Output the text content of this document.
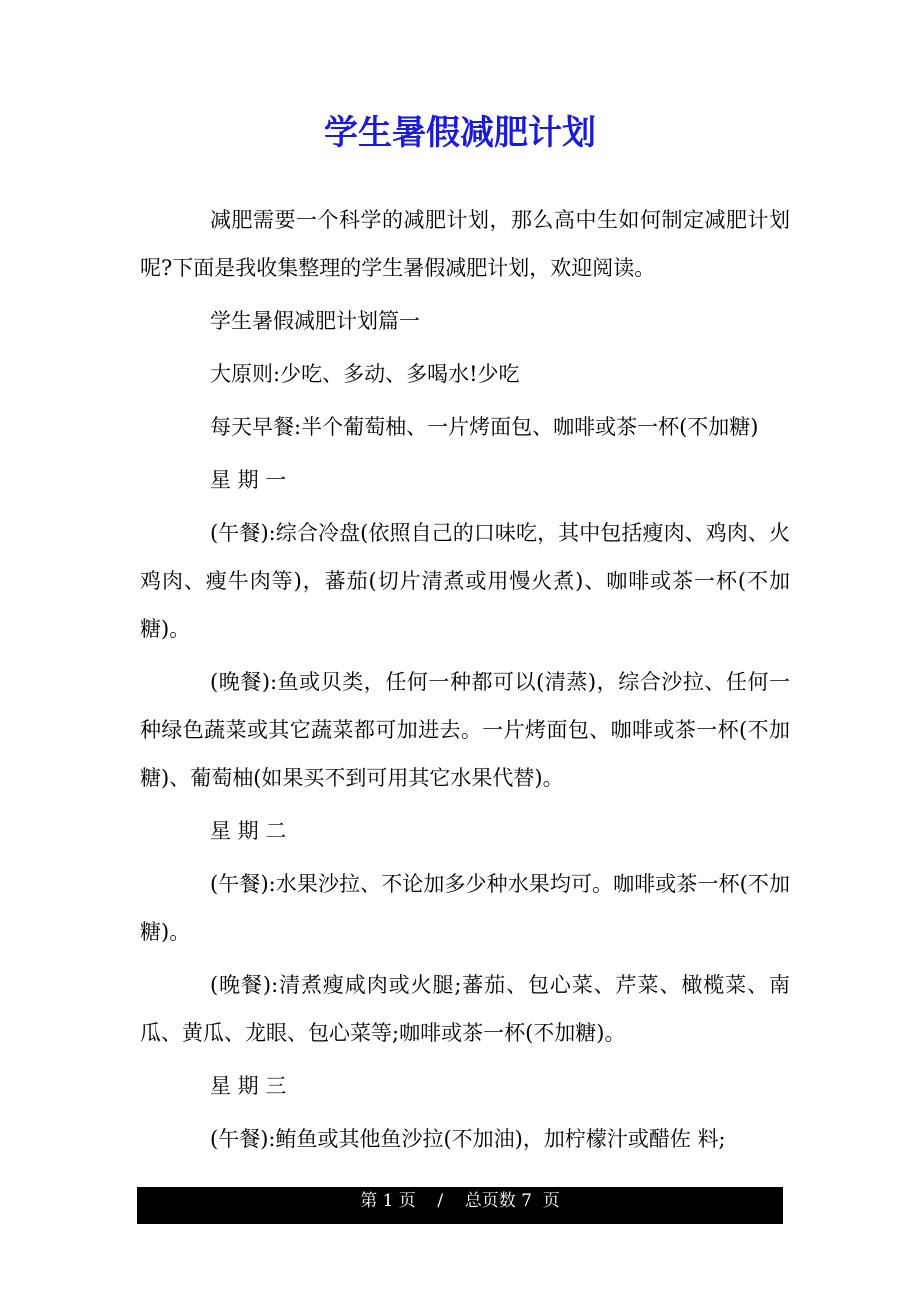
学生暑假减肥计划

减肥需要一个科学的减肥计划，那么高中生如何制定减肥计划呢?下面是我收集整理的学生暑假减肥计划，欢迎阅读。

学生暑假减肥计划篇一

大原则:少吃、多动、多喝水!少吃

每天早餐:半个葡萄柚、一片烤面包、咖啡或茶一杯(不加糖)

星 期 一

(午餐):综合冷盘(依照自己的口味吃，其中包括瘦肉、鸡肉、火鸡肉、瘦牛肉等)，蕃茄(切片清煮或用慢火煮)、咖啡或茶一杯(不加糖)。

(晚餐):鱼或贝类，任何一种都可以(清蒸)，综合沙拉、任何一种绿色蔬菜或其它蔬菜都可加进去。一片烤面包、咖啡或茶一杯(不加糖)、葡萄柚(如果买不到可用其它水果代替)。

星 期 二

(午餐):水果沙拉、不论加多少种水果均可。咖啡或茶一杯(不加糖)。

(晚餐):清煮瘦咸肉或火腿;蕃茄、包心菜、芹菜、橄榄菜、南瓜、黄瓜、龙眼、包心菜等;咖啡或茶一杯(不加糖)。

星 期 三

(午餐):鲔鱼或其他鱼沙拉(不加油)，加柠檬汁或醋佐 料;

第 1 页    /    总页数 7  页
